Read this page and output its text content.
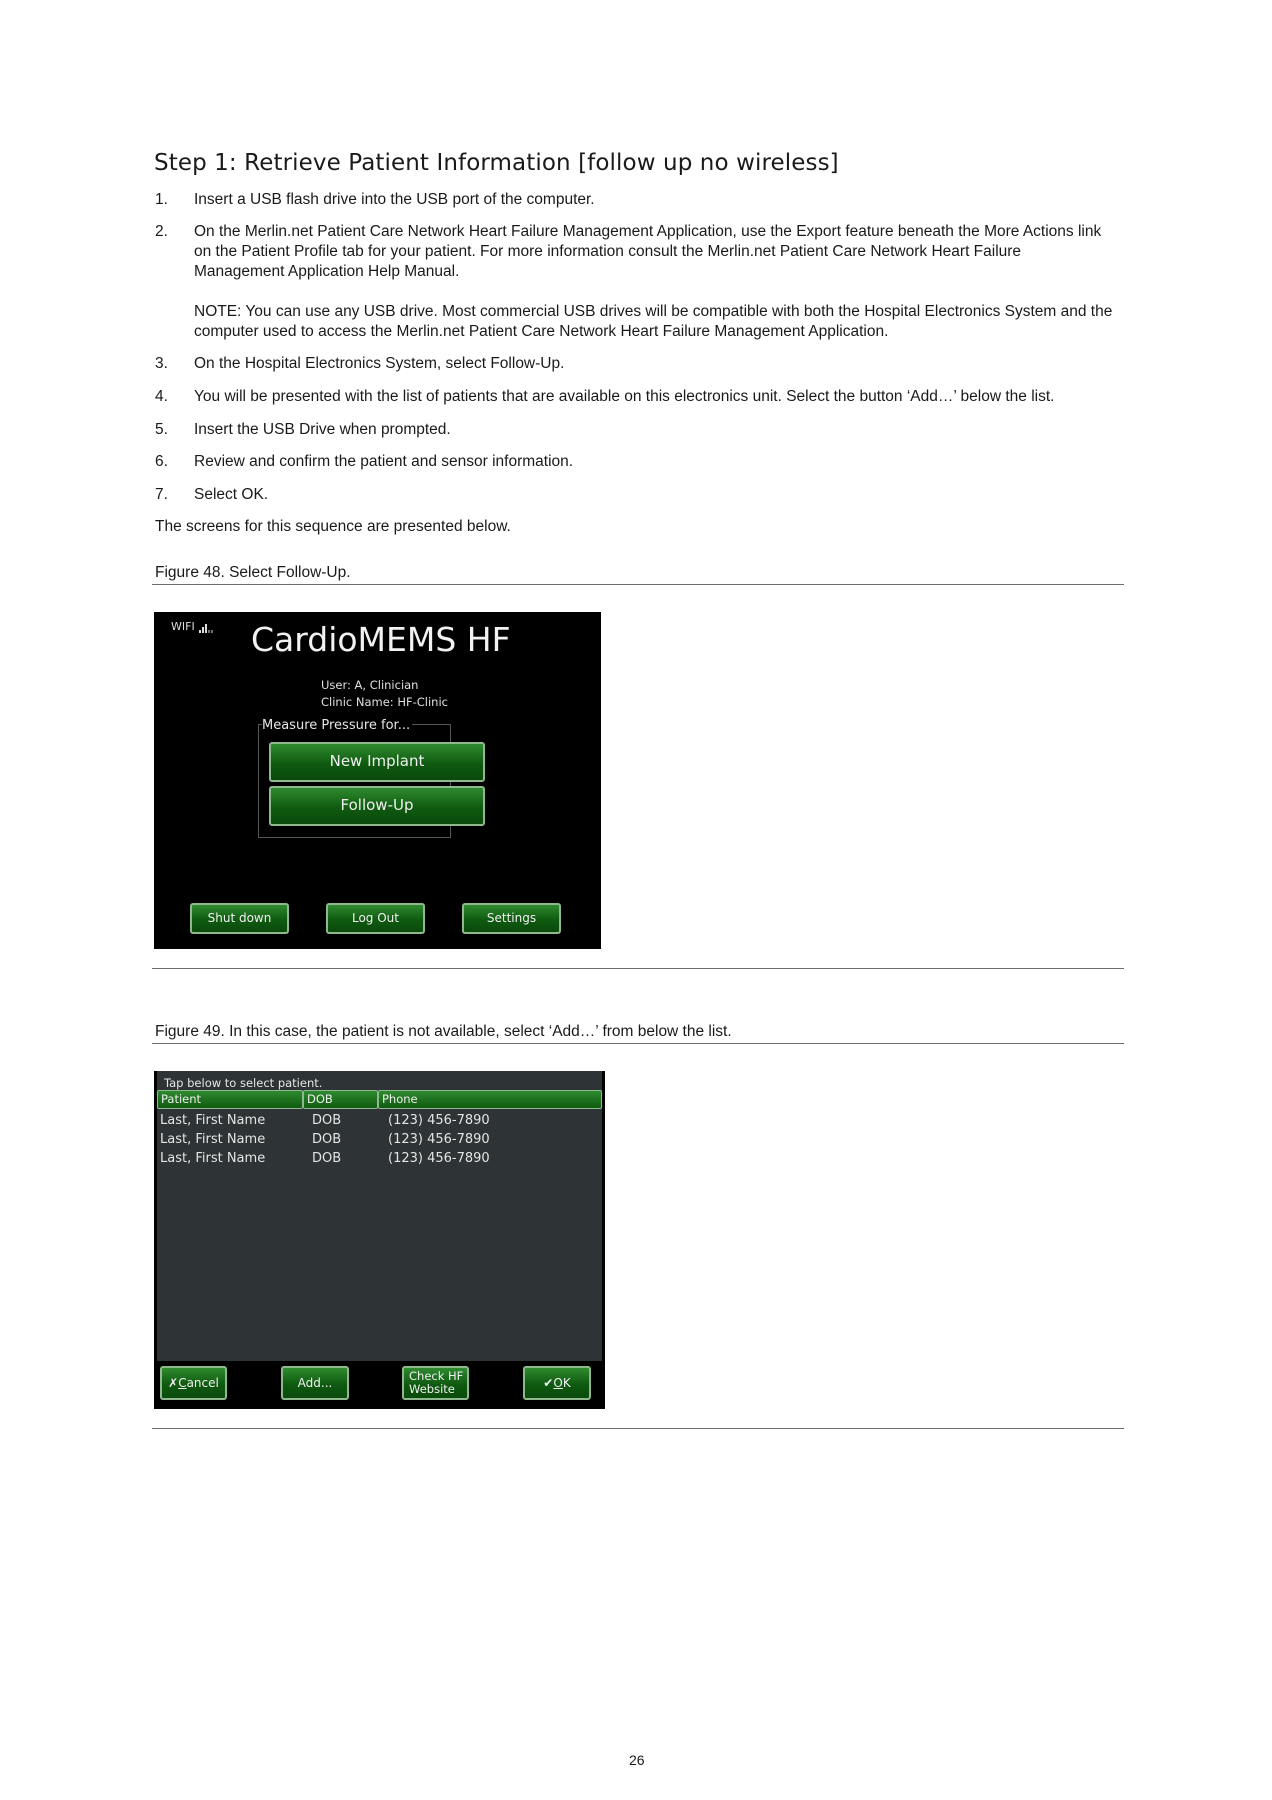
Step 1: Retrieve Patient Information [follow up no wireless]
1. Insert a USB flash drive into the USB port of the computer.
2. On the Merlin.net Patient Care Network Heart Failure Management Application, use the Export feature beneath the More Actions link on the Patient Profile tab for your patient. For more information consult the Merlin.net Patient Care Network Heart Failure Management Application Help Manual.
NOTE: You can use any USB drive. Most commercial USB drives will be compatible with both the Hospital Electronics System and the computer used to access the Merlin.net Patient Care Network Heart Failure Management Application.
3. On the Hospital Electronics System, select Follow-Up.
4. You will be presented with the list of patients that are available on this electronics unit. Select the button ‘Add…’ below the list.
5. Insert the USB Drive when prompted.
6. Review and confirm the patient and sensor information.
7. Select OK.
The screens for this sequence are presented below.
Figure 48. Select Follow-Up.
WIFI CardioMEMS HF
User: A, Clinician
Clinic Name: HF-Clinic
Measure Pressure for...
New Implant
Follow-Up
Shut down	Log Out	Settings
Figure 49. In this case, the patient is not available, select ‘Add…’ from below the list.
Tap below to select patient.
Patient	DOB	Phone
Last, First Name	DOB	(123) 456-7890
Last, First Name	DOB	(123) 456-7890
Last, First Name	DOB	(123) 456-7890
✗Cancel	Add...	Check HF
Website	✔OK
26
